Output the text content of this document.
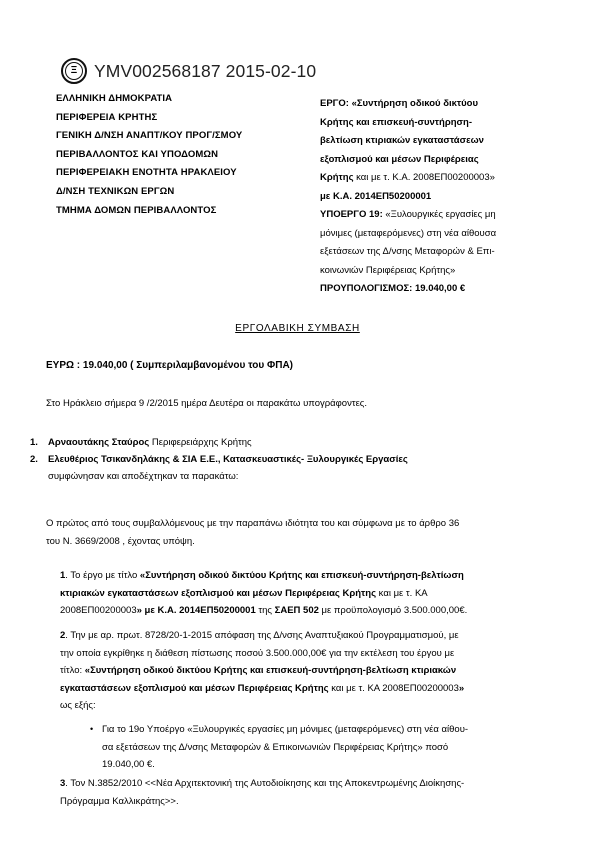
Ξ ΥΜV002568187 2015-02-10
ΕΛΛΗΝΙΚΗ ΔΗΜΟΚΡΑΤΙΑ
ΠΕΡΙΦΕΡΕΙΑ ΚΡΗΤΗΣ
ΓΕΝΙΚΗ Δ/ΝΣΗ ΑΝΑΠΤ/ΚΟΥ ΠΡΟΓ/ΣΜΟΥ
ΠΕΡΙΒΑΛΛΟΝΤΟΣ ΚΑΙ ΥΠΟΔΟΜΩΝ
ΠΕΡΙΦΕΡΕΙΑΚΗ ΕΝΟΤΗΤΑ ΗΡΑΚΛΕΙΟΥ
Δ/ΝΣΗ ΤΕΧΝΙΚΩΝ ΕΡΓΩΝ
ΤΜΗΜΑ ΔΟΜΩΝ ΠΕΡΙΒΑΛΛΟΝΤΟΣ
ΕΡΓΟ: «Συντήρηση οδικού δικτύου
Κρήτης και επισκευή-συντήρηση-
βελτίωση κτιριακών εγκαταστάσεων
εξοπλισμού και μέσων Περιφέρειας
Κρήτης και με τ. Κ.Α. 2008ΕΠ00200003»
με Κ.Α. 2014ΕΠ50200001
ΥΠΟΕΡΓΟ 19: «Ξυλουργικές εργασίες μη
μόνιμες (μεταφερόμενες) στη νέα αίθουσα
εξετάσεων της Δ/νσης Μεταφορών & Επι-
κοινωνιών Περιφέρειας Κρήτης»
ΠΡΟΥΠΟΛΟΓΙΣΜΟΣ: 19.040,00 €
ΕΡΓΟΛΑΒΙΚΗ ΣΥΜΒΑΣΗ
ΕΥΡΩ : 19.040,00 ( Συμπεριλαμβανομένου του ΦΠΑ)
Στο Ηράκλειο σήμερα 9 /2/2015 ημέρα Δευτέρα οι παρακάτω υπογράφοντες.
1.	Αρναουτάκης Σταύρος Περιφερειάρχης Κρήτης
2.	Ελευθέριος Τσικανδηλάκης & ΣΙΑ Ε.Ε., Κατασκευαστικές- Ξυλουργικές Εργασίες
συμφώνησαν και αποδέχτηκαν τα παρακάτω:
Ο πρώτος από τους συμβαλλόμενους με την παραπάνω ιδιότητα του και σύμφωνα με το άρθρο 36
του Ν. 3669/2008 , έχοντας υπόψη.
1. Το έργο με τίτλο «Συντήρηση οδικού δικτύου Κρήτης και επισκευή-συντήρηση-βελτίωση
κτιριακών εγκαταστάσεων εξοπλισμού και μέσων Περιφέρειας Κρήτης και με τ. ΚΑ
2008ΕΠ00200003» με Κ.Α. 2014ΕΠ50200001 της ΣΑΕΠ 502 με προϋπολογισμό 3.500.000,00€.
2. Την με αρ. πρωτ. 8728/20-1-2015 απόφαση της Δ/νσης Αναπτυξιακού Προγραμματισμού, με
την οποία εγκρίθηκε η διάθεση πίστωσης ποσού 3.500.000,00€ για την εκτέλεση του έργου με
τίτλο: «Συντήρηση οδικού δικτύου Κρήτης και επισκευή-συντήρηση-βελτίωση κτιριακών
εγκαταστάσεων εξοπλισμού και μέσων Περιφέρειας Κρήτης και με τ. ΚΑ 2008ΕΠ00200003»
ως εξής:
• Για το 19ο Υποέργο «Ξυλουργικές εργασίες μη μόνιμες (μεταφερόμενες) στη νέα αίθου-
σα εξετάσεων της Δ/νσης Μεταφορών & Επικοινωνιών Περιφέρειας Κρήτης» ποσό
19.040,00 €.
3. Τον Ν.3852/2010 <<Νέα Αρχιτεκτονική της Αυτοδιοίκησης και της Αποκεντρωμένης Διοίκησης-
Πρόγραμμα Καλλικράτης>>.
